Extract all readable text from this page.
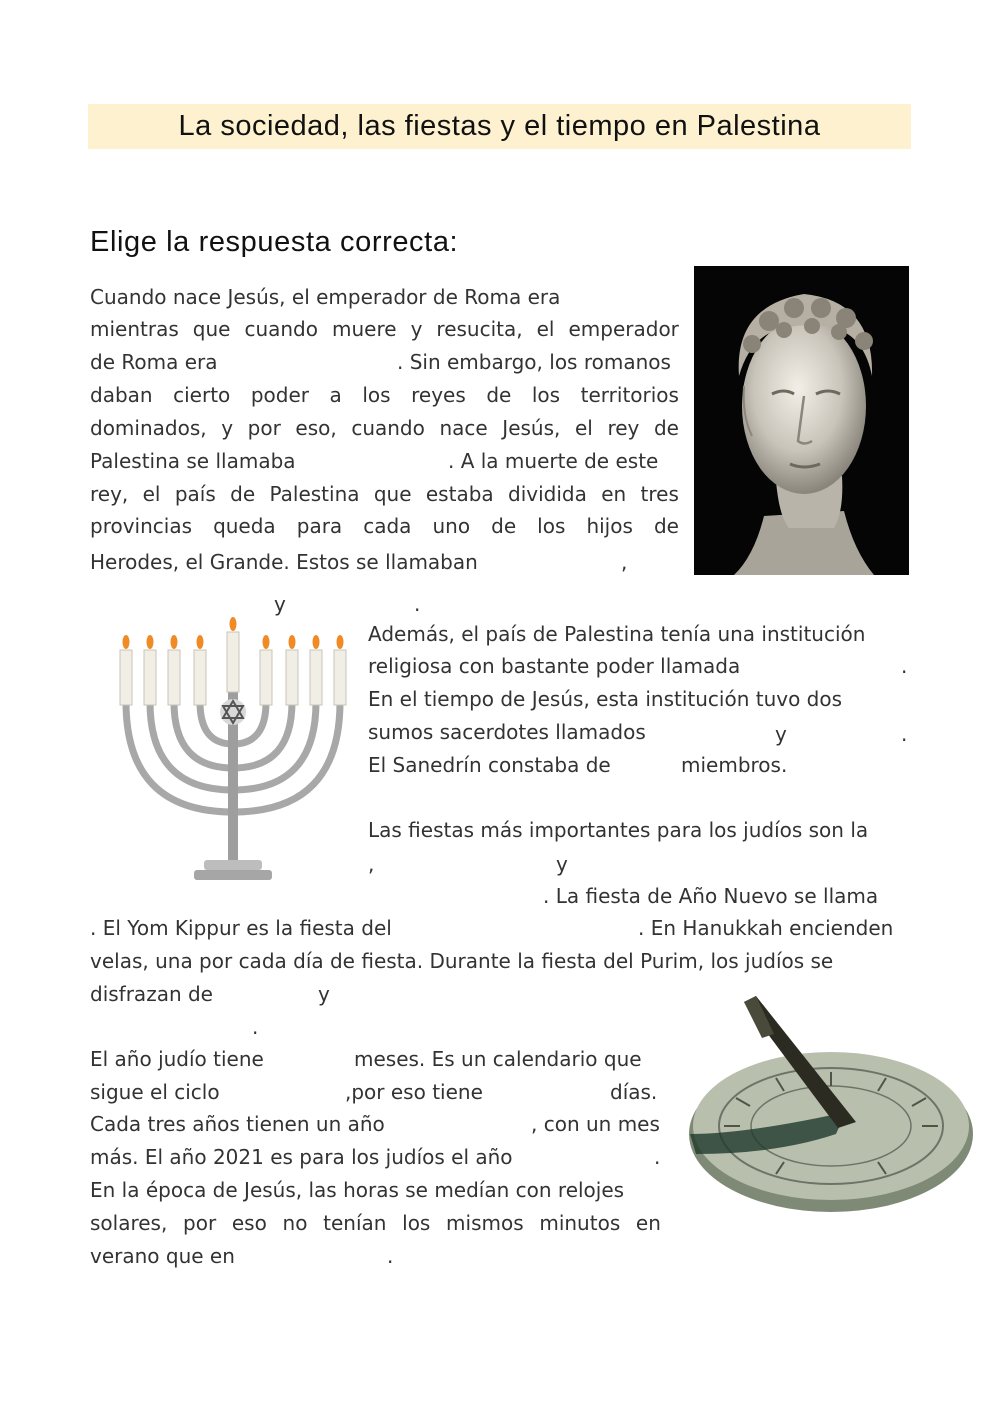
La sociedad, las fiestas y el tiempo en Palestina
Elige la respuesta correcta:
Cuando nace Jesús, el emperador de Roma era
mientras que cuando muere y resucita, el emperador
de Roma era	. Sin embargo, los romanos
daban cierto poder a los reyes de los territorios
dominados, y por eso, cuando nace Jesús, el rey de
Palestina se llamaba	. A la muerte de este
rey, el país de Palestina que estaba dividida en tres
provincias queda para cada uno de los hijos de
Herodes, el Grande. Estos se llamaban	,
y	.
Además, el país de Palestina tenía una institución
religiosa con bastante poder llamada	.
En el tiempo de Jesús, esta institución tuvo dos
sumos sacerdotes llamados	y	.
El Sanedrín constaba de	miembros.
Las fiestas más importantes para los judíos son la
,	y
. La fiesta de Año Nuevo se llama
. El Yom Kippur es la fiesta del	. En Hanukkah encienden
velas, una por cada día de fiesta. Durante la fiesta del Purim, los judíos se
disfrazan de	y
.
El año judío tiene	meses. Es un calendario que
sigue el ciclo	,por eso tiene	días.
Cada tres años tienen un año	, con un mes
más. El año 2021 es para los judíos el año	.
En la época de Jesús, las horas se medían con relojes
solares, por eso no tenían los mismos minutos en
verano que en	.
